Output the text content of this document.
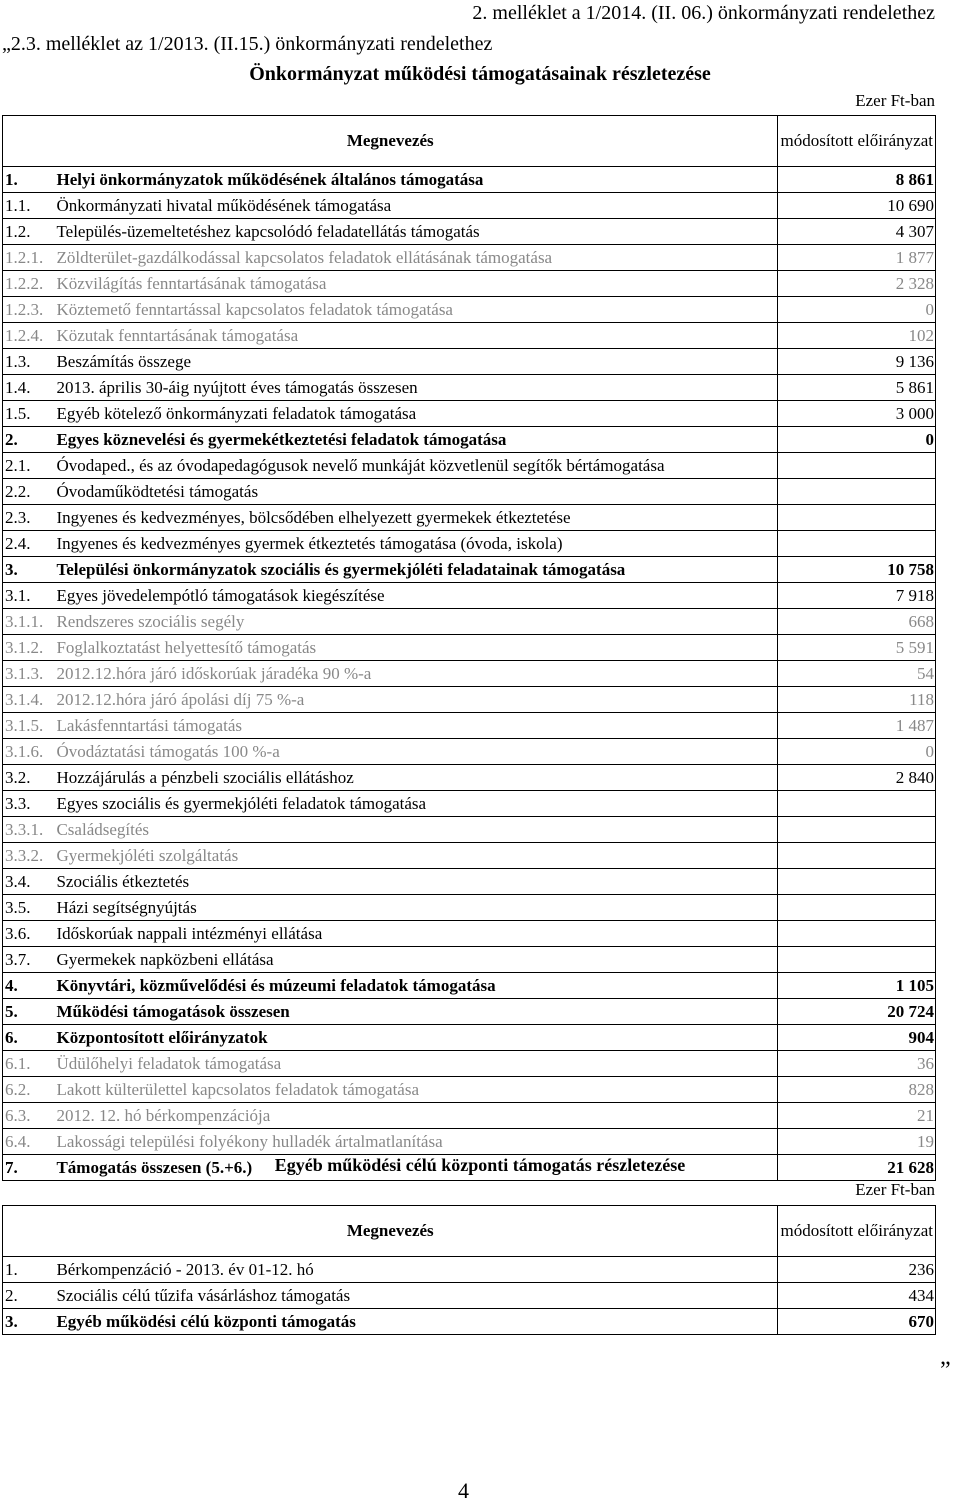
2. melléklet a 1/2014. (II. 06.) önkormányzati rendelethez
„2.3. melléklet az 1/2013. (II.15.) önkormányzati rendelethez
Önkormányzat működési támogatásainak részletezése
Ezer Ft-ban
Megnevezés		módosított előirányzat
1.	Helyi önkormányzatok működésének általános támogatása	8 861
1.1.	Önkormányzati hivatal működésének támogatása	10 690
1.2.	Település-üzemeltetéshez kapcsolódó feladatellátás támogatás	4 307
1.2.1.	Zöldterület-gazdálkodással kapcsolatos feladatok ellátásának támogatása	1 877
1.2.2.	Közvilágítás fenntartásának támogatása	2 328
1.2.3.	Köztemető fenntartással kapcsolatos feladatok támogatása	0
1.2.4.	Közutak fenntartásának támogatása	102
1.3.	Beszámítás összege	9 136
1.4.	2013. április 30-áig nyújtott éves támogatás összesen	5 861
1.5.	Egyéb kötelező önkormányzati feladatok támogatása	3 000
2.	Egyes köznevelési és gyermekétkeztetési feladatok támogatása	0
2.1.	Óvodaped., és az óvodapedagógusok nevelő munkáját közvetlenül segítők bértámogatása	
2.2.	Óvodaműködtetési támogatás	
2.3.	Ingyenes és kedvezményes, bölcsődében elhelyezett gyermekek étkeztetése	
2.4.	Ingyenes és kedvezményes gyermek étkeztetés támogatása (óvoda, iskola)	
3.	Települési önkormányzatok szociális és gyermekjóléti feladatainak támogatása	10 758
3.1.	Egyes jövedelempótló támogatások kiegészítése	7 918
3.1.1.	Rendszeres szociális segély	668
3.1.2.	Foglalkoztatást helyettesítő támogatás	5 591
3.1.3.	2012.12.hóra járó időskorúak járadéka 90 %-a	54
3.1.4.	2012.12.hóra járó ápolási díj 75 %-a	118
3.1.5.	Lakásfenntartási támogatás	1 487
3.1.6.	Óvodáztatási támogatás 100 %-a	0
3.2.	Hozzájárulás a pénzbeli szociális ellátáshoz	2 840
3.3.	Egyes szociális és gyermekjóléti feladatok támogatása	
3.3.1.	Családsegítés	
3.3.2.	Gyermekjóléti szolgáltatás	
3.4.	Szociális étkeztetés	
3.5.	Házi segítségnyújtás	
3.6.	Időskorúak nappali intézményi ellátása	
3.7.	Gyermekek napközbeni ellátása	
4.	Könyvtári, közművelődési és múzeumi feladatok támogatása	1 105
5.	Működési támogatások összesen	20 724
6.	Központosított előirányzatok	904
6.1.	Üdülőhelyi feladatok támogatása	36
6.2.	Lakott külterülettel kapcsolatos feladatok támogatása	828
6.3.	2012. 12. hó bérkompenzációja	21
6.4.	Lakossági települési folyékony hulladék ártalmatlanítása	19
7.	Támogatás összesen (5.+6.)	21 628
Egyéb működési célú központi támogatás részletezése
Ezer Ft-ban
Megnevezés		módosított előirányzat
1.	Bérkompenzáció - 2013. év 01-12. hó	236
2.	Szociális célú tűzifa vásárláshoz támogatás	434
3.	Egyéb működési célú központi támogatás	670
„
4
